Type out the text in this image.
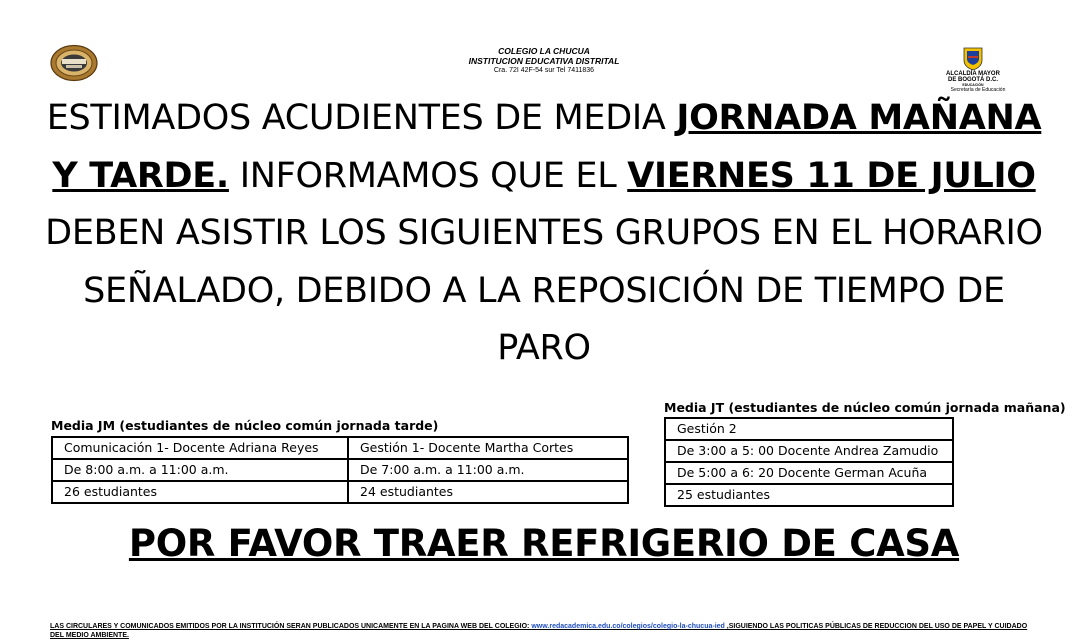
COLEGIO LA CHUCUA
INSTITUCION EDUCATIVA DISTRITAL
Cra. 72I 42F-54 sur Tel 7411836	ALCALDÍA MAYOR
DE BOGOTÁ D.C.
EDUCACIÓN
Secretaría de Educación
ESTIMADOS ACUDIENTES DE MEDIA JORNADA MAÑANA Y TARDE. INFORMAMOS QUE EL VIERNES 11 DE JULIO DEBEN ASISTIR LOS SIGUIENTES GRUPOS EN EL HORARIO SEÑALADO, DEBIDO A LA REPOSICIÓN DE TIEMPO DE PARO
Media JM (estudiantes de núcleo común jornada tarde)
Comunicación 1- Docente Adriana Reyes	Gestión 1- Docente Martha Cortes
De 8:00 a.m. a 11:00 a.m.	De 7:00 a.m. a 11:00 a.m.
26 estudiantes	24 estudiantes
Media JT (estudiantes de núcleo común jornada mañana)
Gestión 2
De 3:00 a 5: 00 Docente Andrea Zamudio
De 5:00 a 6: 20 Docente German Acuña
25 estudiantes
POR FAVOR TRAER REFRIGERIO DE CASA
LAS CIRCULARES Y COMUNICADOS EMITIDOS POR LA INSTITUCIÓN SERAN PUBLICADOS UNICAMENTE EN LA PAGINA WEB DEL COLEGIO: www.redacademica.edu.co/colegios/colegio-la-chucua-ied ,SIGUIENDO LAS POLITICAS PÚBLICAS DE REDUCCION DEL USO DE PAPEL Y CUIDADO DEL MEDIO AMBIENTE.
